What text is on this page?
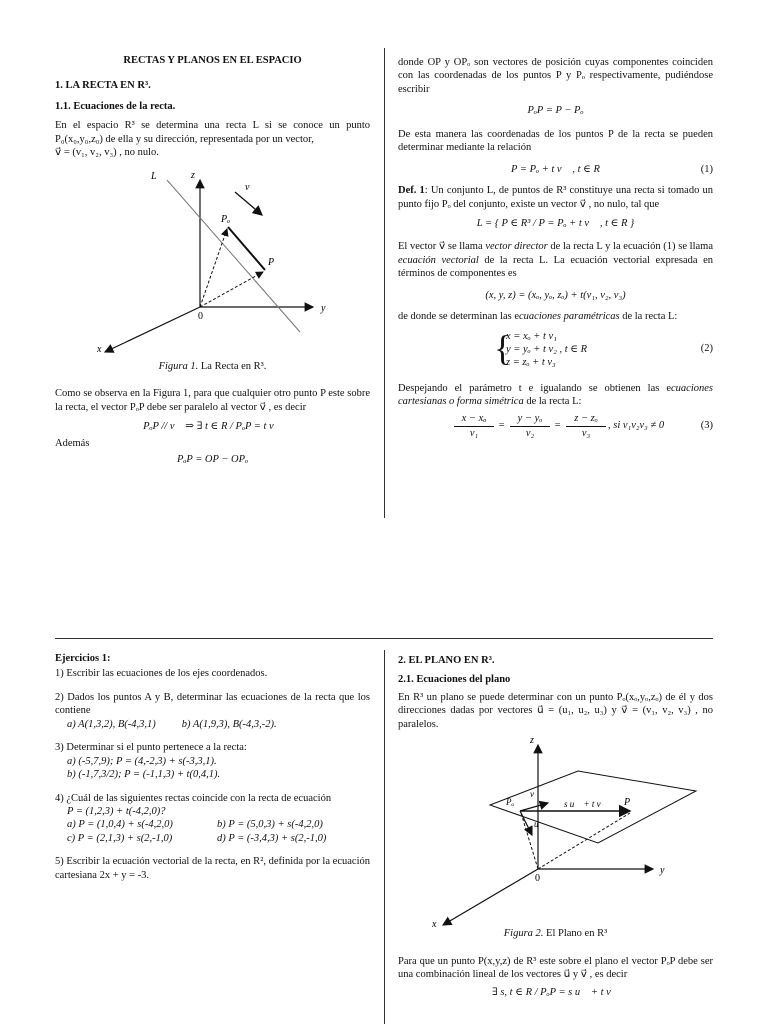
RECTAS Y PLANOS EN EL ESPACIO

1. LA RECTA EN R³.

1.1. Ecuaciones de la recta.

En el espacio R³ se determina una recta L si se conoce un punto P₀(x₀,y₀,z₀) de ella y su dirección, representada por un vector,

v⃗ = (v₁, v₂, v₃) , no nulo.

z
y
x
L
v⃗
Pₒ
P
0

Figura 1. La Recta en R³.

Como se observa en la Figura 1, para que cualquier otro punto P este sobre la recta, el vector PₒP debe ser paralelo al vector v⃗ , es decir

PₒP // v⃗ ⇒ ∃ t ∈ R / PₒP = t v⃗

Además

PₒP = OP − OPₒ

donde OP y OPₒ son vectores de posición cuyas componentes coinciden con las coordenadas de los puntos P y Pₒ respectivamente, pudiéndose escribir

PₒP = P − Pₒ

De esta manera las coordenadas de los puntos P de la recta se pueden determinar mediante la relación

P = Pₒ + t v⃗ , t ∈ R	(1)

Def. 1: Un conjunto L, de puntos de R³ constituye una recta si tomado un punto fijo Pₒ del conjunto, existe un vector v⃗ , no nulo, tal que

L = { P ∈ R³ / P = Pₒ + t v⃗ , t ∈ R }

El vector v⃗ se llama vector director de la recta L y la ecuación (1) se llama ecuación vectorial de la recta L. La ecuación vectorial expresada en términos de componentes es

(x, y, z) = (xₒ, yₒ, zₒ) + t(v₁, v₂, v₃)

de donde se determinan las ecuaciones paramétricas de la recta L:

{

x = xₒ + t v₁

y = yₒ + t v₂ , t ∈ R

z = zₒ + t v₃

(2)

Despejando el parámetro t e igualando se obtienen las ecuaciones cartesianas o forma simétrica de la recta L:

x − xₒ
v₁
=
y − yₒ
v₂
=
z − zₒ
v₃
, si v₁v₂v₃ ≠ 0	(3)

Ejercicios 1:

1) Escribir las ecuaciones de los ejes coordenados.

2) Dados los puntos A y B, determinar las ecuaciones de la recta que los contiene

a) A(1,3,2), B(-4,3,1) b) A(1,9,3), B(-4,3,-2).

3) Determinar si el punto pertenece a la recta:

a) (-5,7,9); P = (4,-2,3) + s(-3,3,1).

b) (-1,7,3/2); P = (-1,1,3) + t(0,4,1).

4) ¿Cuál de las siguientes rectas coincide con la recta de ecuación

P = (1,2,3) + t(-4,2,0)?

a) P = (1,0,4) + s(-4,2,0)	b) P = (5,0,3) + s(-4,2,0)

c) P = (2,1,3) + s(2,-1,0)	d) P = (-3,4,3) + s(2,-1,0)

5) Escribir la ecuación vectorial de la recta, en R², definida por la ecuación cartesiana 2x + y = -3.

2. EL PLANO EN R³.

2.1. Ecuaciones del plano

En R³ un plano se puede determinar con un punto Pₒ(xₒ,yₒ,zₒ) de él y dos direcciones dadas por vectores u⃗ = (u₁, u₂, u₃) y v⃗ = (v₁, v₂, v₃) , no paralelos.

z
y
x
Pₒ
v⃗
u⃗
s u⃗ + t v⃗ P
0

Figura 2. El Plano en R³

Para que un punto P(x,y,z) de R³ este sobre el plano el vector PₒP debe ser una combinación lineal de los vectores u⃗ y v⃗ , es decir

∃ s, t ∈ R / PₒP = s u⃗ + t v⃗
